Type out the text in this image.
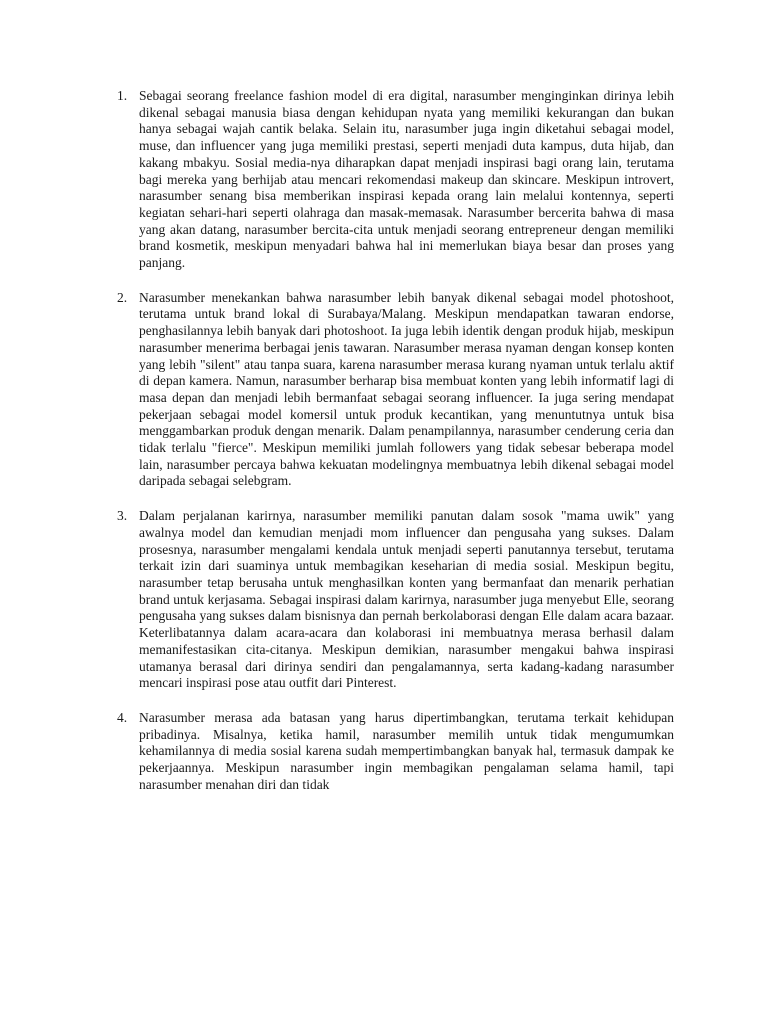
1. Sebagai seorang freelance fashion model di era digital, narasumber menginginkan dirinya lebih dikenal sebagai manusia biasa dengan kehidupan nyata yang memiliki kekurangan dan bukan hanya sebagai wajah cantik belaka. Selain itu, narasumber juga ingin diketahui sebagai model, muse, dan influencer yang juga memiliki prestasi, seperti menjadi duta kampus, duta hijab, dan kakang mbakyu. Sosial media-nya diharapkan dapat menjadi inspirasi bagi orang lain, terutama bagi mereka yang berhijab atau mencari rekomendasi makeup dan skincare. Meskipun introvert, narasumber senang bisa memberikan inspirasi kepada orang lain melalui kontennya, seperti kegiatan sehari-hari seperti olahraga dan masak-memasak. Narasumber bercerita bahwa di masa yang akan datang, narasumber bercita-cita untuk menjadi seorang entrepreneur dengan memiliki brand kosmetik, meskipun menyadari bahwa hal ini memerlukan biaya besar dan proses yang panjang.

2. Narasumber menekankan bahwa narasumber lebih banyak dikenal sebagai model photoshoot, terutama untuk brand lokal di Surabaya/Malang. Meskipun mendapatkan tawaran endorse, penghasilannya lebih banyak dari photoshoot. Ia juga lebih identik dengan produk hijab, meskipun narasumber menerima berbagai jenis tawaran. Narasumber merasa nyaman dengan konsep konten yang lebih "silent" atau tanpa suara, karena narasumber merasa kurang nyaman untuk terlalu aktif di depan kamera. Namun, narasumber berharap bisa membuat konten yang lebih informatif lagi di masa depan dan menjadi lebih bermanfaat sebagai seorang influencer. Ia juga sering mendapat pekerjaan sebagai model komersil untuk produk kecantikan, yang menuntutnya untuk bisa menggambarkan produk dengan menarik. Dalam penampilannya, narasumber cenderung ceria dan tidak terlalu "fierce". Meskipun memiliki jumlah followers yang tidak sebesar beberapa model lain, narasumber percaya bahwa kekuatan modelingnya membuatnya lebih dikenal sebagai model daripada sebagai selebgram.

3. Dalam perjalanan karirnya, narasumber memiliki panutan dalam sosok "mama uwik" yang awalnya model dan kemudian menjadi mom influencer dan pengusaha yang sukses. Dalam prosesnya, narasumber mengalami kendala untuk menjadi seperti panutannya tersebut, terutama terkait izin dari suaminya untuk membagikan keseharian di media sosial. Meskipun begitu, narasumber tetap berusaha untuk menghasilkan konten yang bermanfaat dan menarik perhatian brand untuk kerjasama. Sebagai inspirasi dalam karirnya, narasumber juga menyebut Elle, seorang pengusaha yang sukses dalam bisnisnya dan pernah berkolaborasi dengan Elle dalam acara bazaar. Keterlibatannya dalam acara-acara dan kolaborasi ini membuatnya merasa berhasil dalam memanifestasikan cita-citanya. Meskipun demikian, narasumber mengakui bahwa inspirasi utamanya berasal dari dirinya sendiri dan pengalamannya, serta kadang-kadang narasumber mencari inspirasi pose atau outfit dari Pinterest.

4. Narasumber merasa ada batasan yang harus dipertimbangkan, terutama terkait kehidupan pribadinya. Misalnya, ketika hamil, narasumber memilih untuk tidak mengumumkan kehamilannya di media sosial karena sudah mempertimbangkan banyak hal, termasuk dampak ke pekerjaannya. Meskipun narasumber ingin membagikan pengalaman selama hamil, tapi narasumber menahan diri dan tidak
